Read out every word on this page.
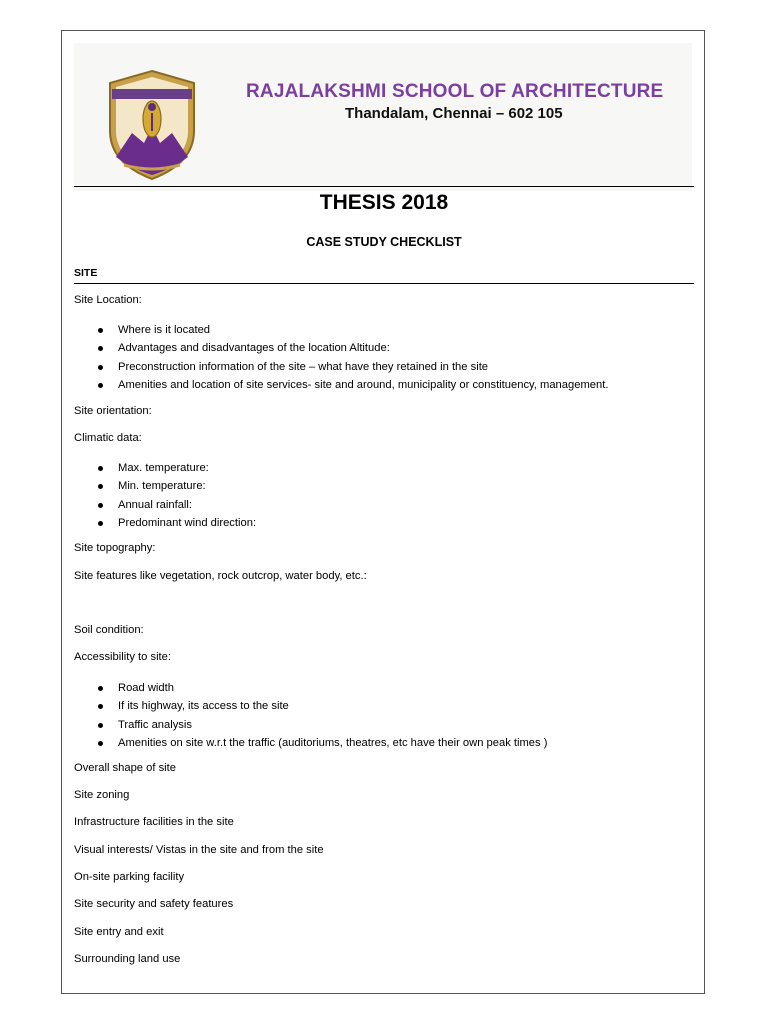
RAJALAKSHMI SCHOOL OF ARCHITECTURE
Thandalam, Chennai – 602 105
THESIS 2018
CASE STUDY CHECKLIST
SITE
Site Location:
Where is it located
Advantages and disadvantages of the location Altitude:
Preconstruction information of the site – what have they retained in the site
Amenities and location of site services- site and around, municipality or constituency, management.
Site orientation:
Climatic data:
Max. temperature:
Min. temperature:
Annual rainfall:
Predominant wind direction:
Site topography:
Site features like vegetation, rock outcrop, water body, etc.:
Soil condition:
Accessibility to site:
Road width
If its highway, its access to the site
Traffic analysis
Amenities on site w.r.t the traffic (auditoriums, theatres, etc have their own peak times )
Overall shape of site
Site zoning
Infrastructure facilities in the site
Visual interests/ Vistas in the site and from the site
On-site parking facility
Site security and safety features
Site entry and exit
Surrounding land use
